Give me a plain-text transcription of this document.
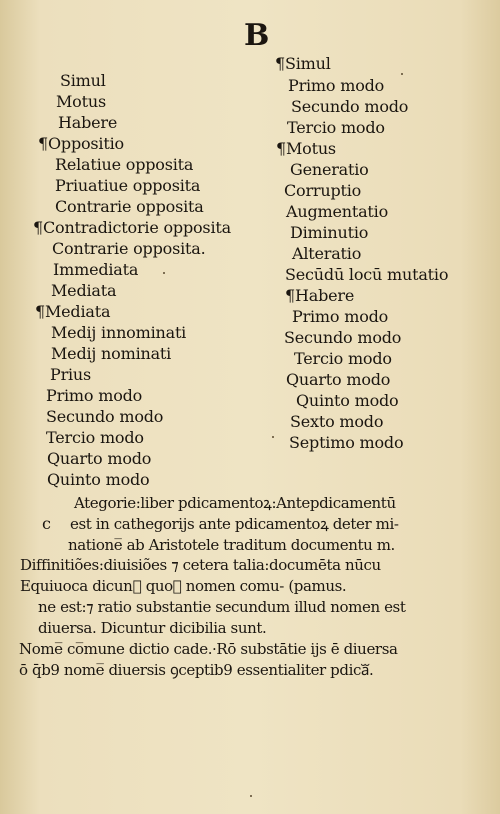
B
Simul
Motus
Habere
¶Oppositio
Relatiue opposita
Priuatiue opposita
Contrarie opposita
¶Contradictorie opposita
Contrarie opposita.
Immediata
Mediata
¶Mediata
Medij innominati
Medij nominati
Prius
Primo modo
Secundo modo
Tercio modo
Quarto modo
Quinto modo
¶Simul
Primo modo
Secundo modo
Tercio modo
¶Motus
Generatio
Corruptio
Augmentatio
Diminutio
Alteratio
Secūdū locū mutatio
¶Habere
Primo modo
Secundo modo
Tercio modo
Quarto modo
Quinto modo
Sexto modo
Septimo modo
c
Ategorie:liber pdicamentoꝝ:Antepdicamentū
est in cathegorijs ante pdicamentoꝝ deter mi-
natione̅ ab Aristotele traditum documentu m.
Diffinitiões:diuisiões ⁊ cetera talia:documēta nūcu
Equiuoca dicunᷓ quoꝝ nomen comu- (pamus.
ne est:⁊ ratio substantie secundum illud nomen est
diuersa. Dicuntur dicibilia sunt.
Nome̅ co̅mune dictio cade.·Rō substātie ijs ē diuersa
ō q̄b9 nome̅ diuersis ꝯceptib9 essentialiter pdicaᷓ.
